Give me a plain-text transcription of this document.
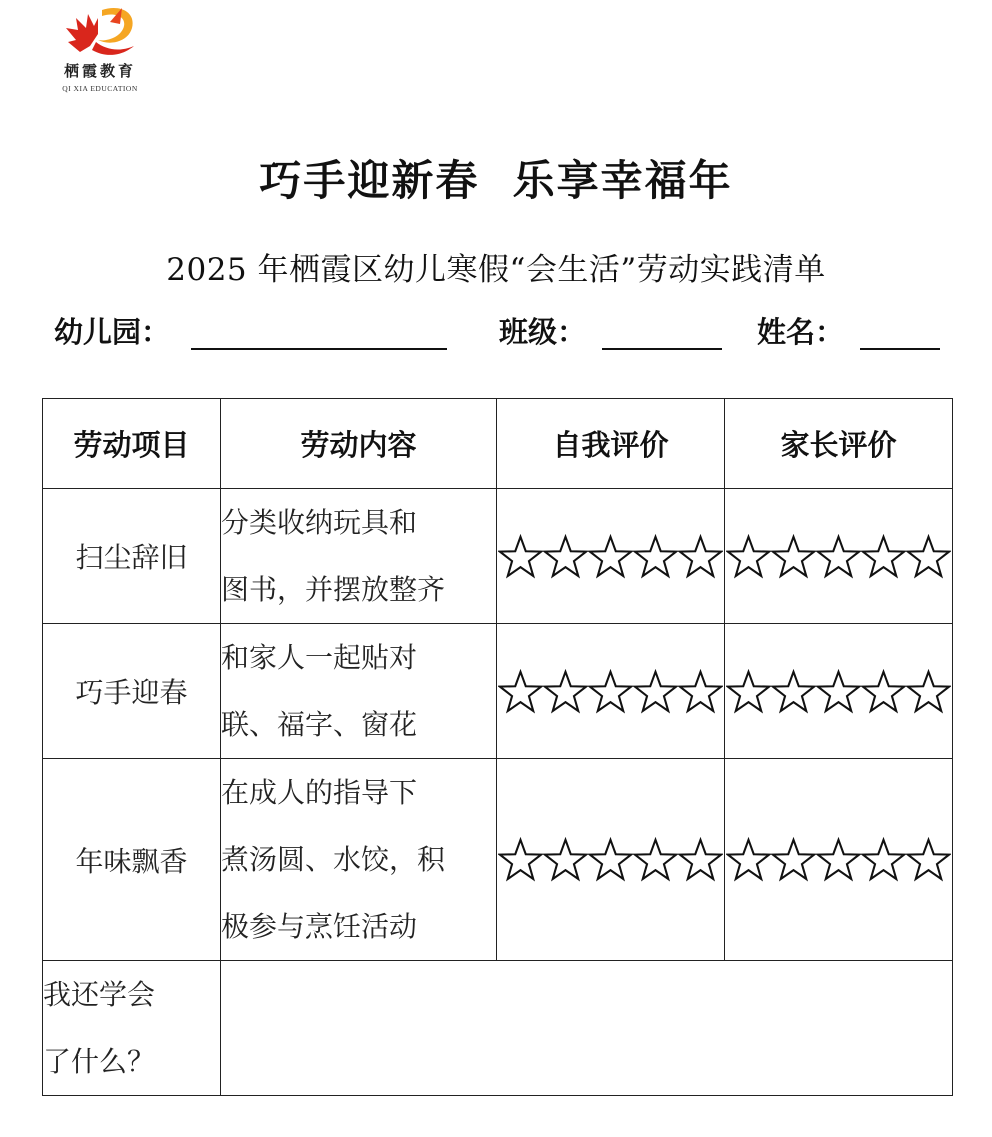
栖霞教育
QI XIA EDUCATION
巧手迎新春  乐享幸福年
2025 年栖霞区幼儿寒假“会生活”劳动实践清单
幼儿园：	班级：	姓名：
劳动项目	劳动内容	自我评价	家长评价
扫尘辞旧	分类收纳玩具和
图书，并摆放整齐

巧手迎春	和家人一起贴对
联、福字、窗花

年味飘香	在成人的指导下
煮汤圆、水饺，积
极参与烹饪活动

我还学会
了什么？			
